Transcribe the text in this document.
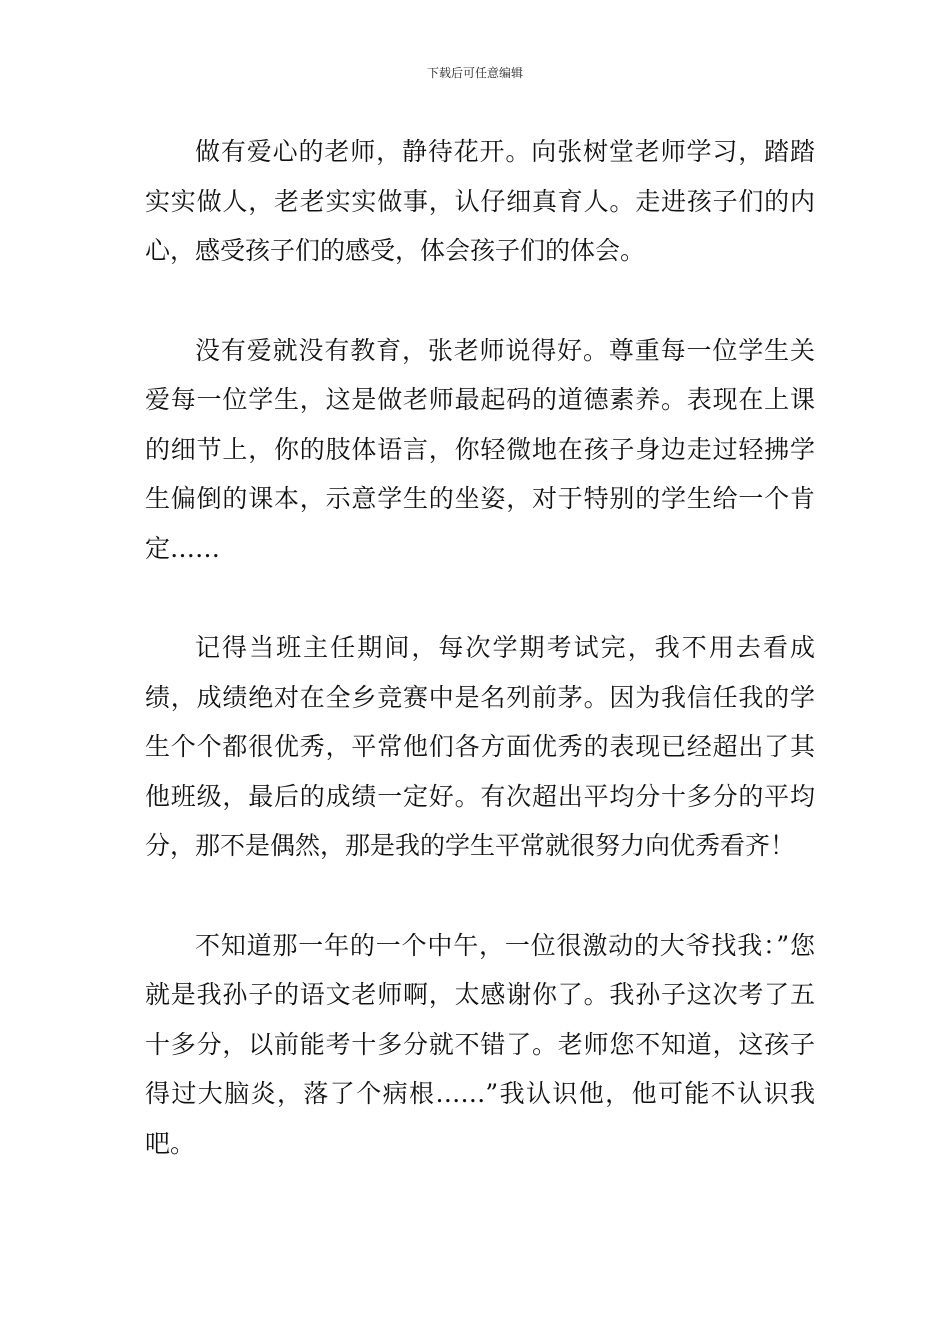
下载后可任意编辑

做有爱心的老师，静待花开。向张树堂老师学习，踏踏实实做人，老老实实做事，认仔细真育人。走进孩子们的内心，感受孩子们的感受，体会孩子们的体会。

没有爱就没有教育，张老师说得好。尊重每一位学生关爱每一位学生，这是做老师最起码的道德素养。表现在上课的细节上，你的肢体语言，你轻微地在孩子身边走过轻拂学生偏倒的课本，示意学生的坐姿，对于特别的学生给一个肯定……

记得当班主任期间，每次学期考试完，我不用去看成绩，成绩绝对在全乡竞赛中是名列前茅。因为我信任我的学生个个都很优秀，平常他们各方面优秀的表现已经超出了其他班级，最后的成绩一定好。有次超出平均分十多分的平均分，那不是偶然，那是我的学生平常就很努力向优秀看齐！

不知道那一年的一个中午，一位很激动的大爷找我：”您就是我孙子的语文老师啊，太感谢你了。我孙子这次考了五十多分，以前能考十多分就不错了。老师您不知道，这孩子得过大脑炎，落了个病根……”我认识他，他可能不认识我吧。
